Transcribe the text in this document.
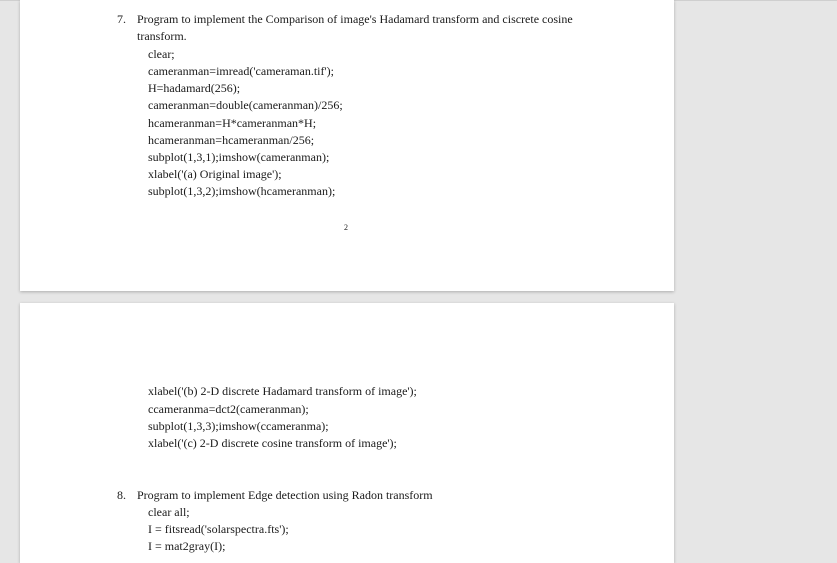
7. Program to implement the Comparison of image's Hadamard transform and ciscrete cosine
transform.
clear;
cameranman=imread('cameraman.tif');
H=hadamard(256);
cameranman=double(cameranman)/256;
hcameranman=H*cameranman*H;
hcameranman=hcameranman/256;
subplot(1,3,1);imshow(cameranman);
xlabel('(a) Original image');
subplot(1,3,2);imshow(hcameranman);
2
xlabel('(b) 2-D discrete Hadamard transform of image');
ccameranma=dct2(cameranman);
subplot(1,3,3);imshow(ccameranma);
xlabel('(c) 2-D discrete cosine transform of image');
8. Program to implement Edge detection using Radon transform
clear all;
I = fitsread('solarspectra.fts');
I = mat2gray(I);
